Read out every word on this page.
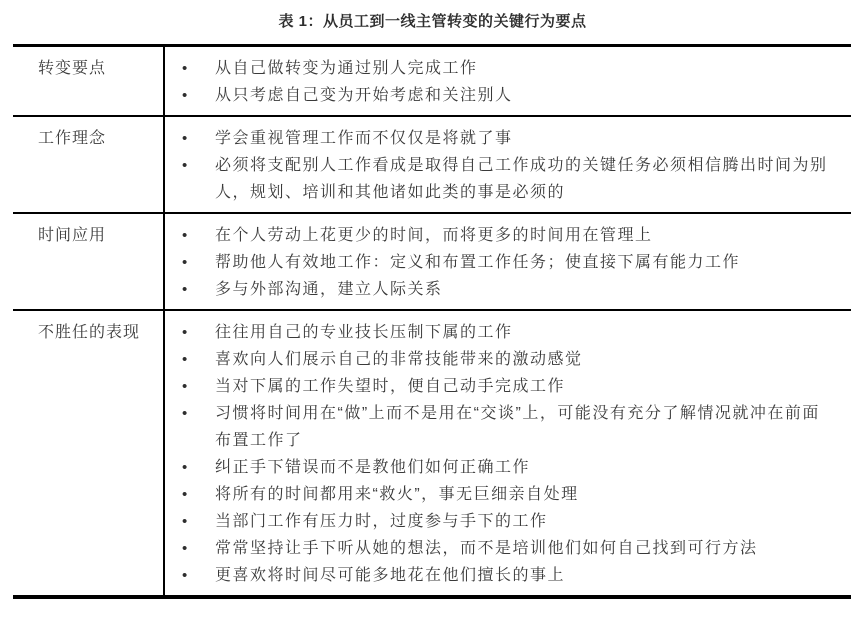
表 1：从员工到一线主管转变的关键行为要点
转变要点	•	从自己做转变为通过别人完成工作
•	从只考虑自己变为开始考虑和关注别人
工作理念	•	学会重视管理工作而不仅仅是将就了事
•	必须将支配别人工作看成是取得自己工作成功的关键任务必须相信腾出时间为别人，规划、培训和其他诸如此类的事是必须的
时间应用	•	在个人劳动上花更少的时间，而将更多的时间用在管理上
•	帮助他人有效地工作：定义和布置工作任务；使直接下属有能力工作
•	多与外部沟通，建立人际关系
不胜任的表现	•	往往用自己的专业技长压制下属的工作
•	喜欢向人们展示自己的非常技能带来的激动感觉
•	当对下属的工作失望时，便自己动手完成工作
•	习惯将时间用在“做”上而不是用在“交谈”上，可能没有充分了解情况就冲在前面布置工作了
•	纠正手下错误而不是教他们如何正确工作
•	将所有的时间都用来“救火”，事无巨细亲自处理
•	当部门工作有压力时，过度参与手下的工作
•	常常坚持让手下听从她的想法，而不是培训他们如何自己找到可行方法
•	更喜欢将时间尽可能多地花在他们擅长的事上
